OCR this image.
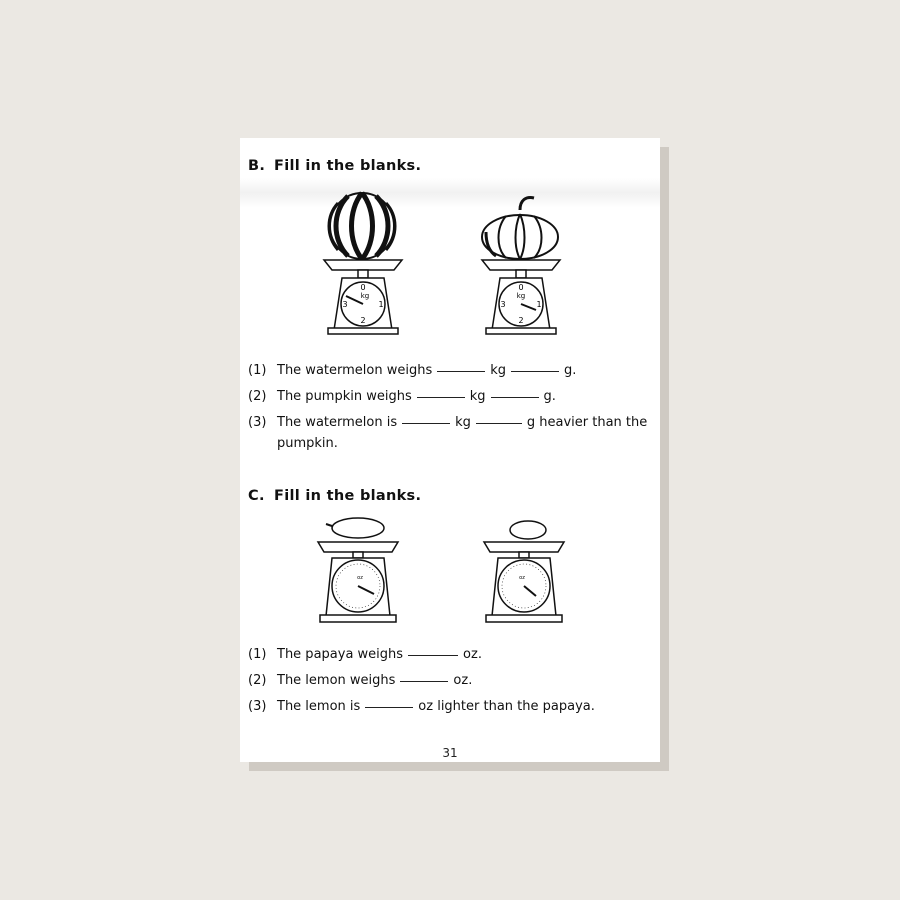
B. Fill in the blanks.
0
1
2
3
kg
0
1
2
3
kg
(1) The watermelon weighs	kg	g.
(2) The pumpkin weighs	kg	g.
(3) The watermelon is	kg	g heavier than the
pumpkin.
C. Fill in the blanks.
oz	oz
(1) The papaya weighs	oz.
(2) The lemon weighs	oz.
(3) The lemon is	oz lighter than the papaya.
31
